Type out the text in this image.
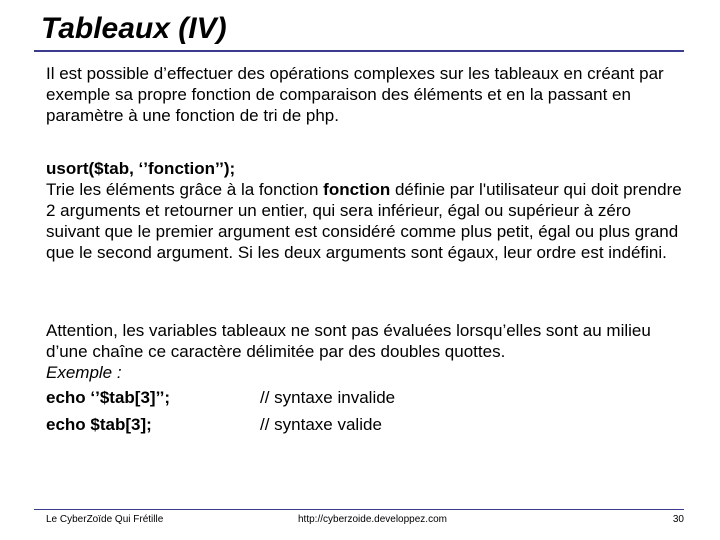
Tableaux (IV)

Il est possible d’effectuer des opérations complexes sur les tableaux en créant par exemple sa propre fonction de comparaison des éléments et en la passant en paramètre à une fonction de tri de php.

usort($tab, ‘’fonction’’);
Trie les éléments grâce à la fonction fonction définie par l'utilisateur qui doit prendre 2 arguments et retourner un entier, qui sera inférieur, égal ou supérieur à zéro suivant que le premier argument est considéré comme plus petit, égal ou plus grand que le second argument. Si les deux arguments sont égaux, leur ordre est indéfini.
Attention, les variables tableaux ne sont pas évaluées lorsqu’elles sont au milieu d’une chaîne ce caractère délimitée par des doubles quottes.
Exemple :
echo ‘’$tab[3]’’;	// syntaxe invalide
echo $tab[3];	// syntaxe valide
Le CyberZoïde Qui Frétille	http://cyberzoide.developpez.com	30
